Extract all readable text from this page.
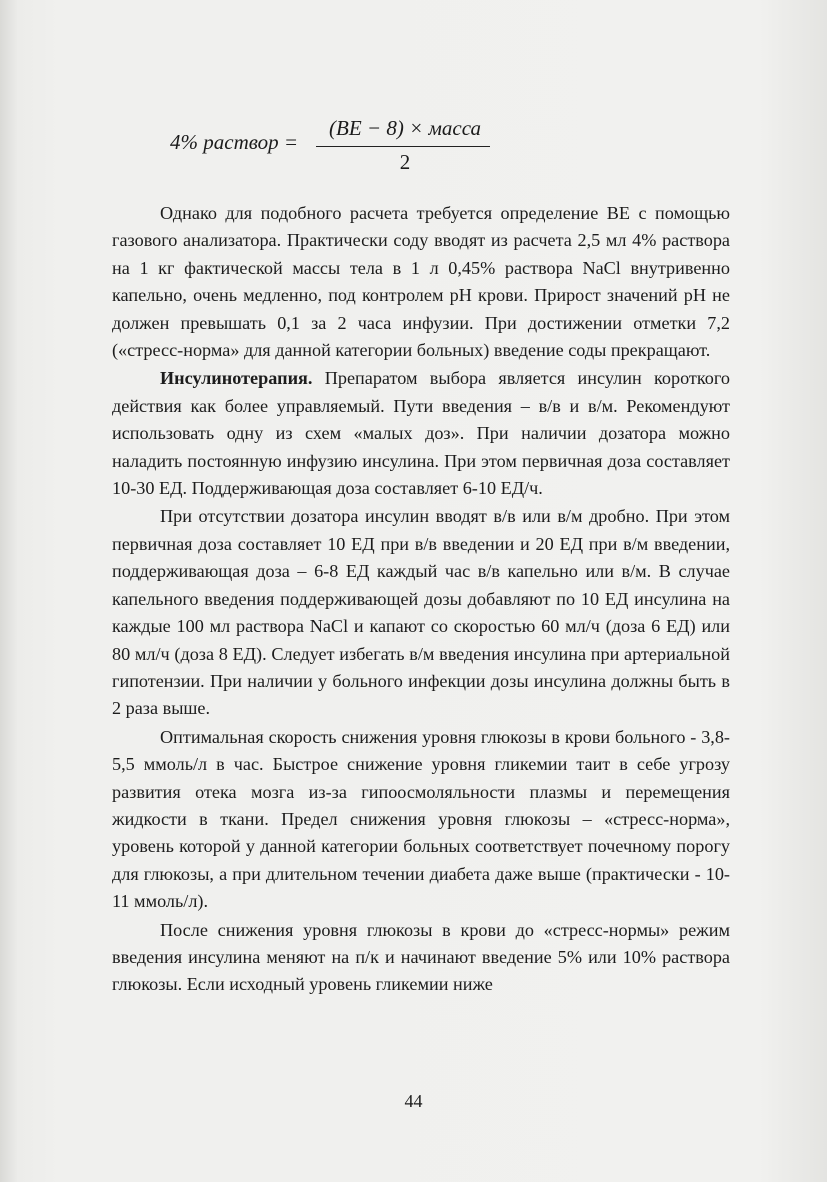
4% раствор =
(BE − 8) × масса
2

Однако для подобного расчета требуется определение BE с помощью газового анализатора. Практически соду вводят из расчета 2,5 мл 4% раствора на 1 кг фактической массы тела в 1 л 0,45% раствора NaCl внутривенно капельно, очень медленно, под контролем рН крови. Прирост значений рН не должен превышать 0,1 за 2 часа инфузии. При достижении отметки 7,2 («стресс-норма» для данной категории больных) введение соды прекращают.

Инсулинотерапия. Препаратом выбора является инсулин короткого действия как более управляемый. Пути введения – в/в и в/м. Рекомендуют использовать одну из схем «малых доз». При наличии дозатора можно наладить постоянную инфузию инсулина. При этом первичная доза составляет 10-30 ЕД. Поддерживающая доза составляет 6-10 ЕД/ч.

При отсутствии дозатора инсулин вводят в/в или в/м дробно. При этом первичная доза составляет 10 ЕД при в/в введении и 20 ЕД при в/м введении, поддерживающая доза – 6-8 ЕД каждый час в/в капельно или в/м. В случае капельного введения поддерживающей дозы добавляют по 10 ЕД инсулина на каждые 100 мл раствора NaCl и капают со скоростью 60 мл/ч (доза 6 ЕД) или 80 мл/ч (доза 8 ЕД). Следует избегать в/м введения инсулина при артериальной гипотензии. При наличии у больного инфекции дозы инсулина должны быть в 2 раза выше.

Оптимальная скорость снижения уровня глюкозы в крови больного - 3,8-5,5 ммоль/л в час. Быстрое снижение уровня гликемии таит в себе угрозу развития отека мозга из-за гипоосмоляльности плазмы и перемещения жидкости в ткани. Предел снижения уровня глюкозы – «стресс-норма», уровень которой у данной категории больных соответствует почечному порогу для глюкозы, а при длительном течении диабета даже выше (практически - 10-11 ммоль/л).

После снижения уровня глюкозы в крови до «стресс-нормы» режим введения инсулина меняют на п/к и начинают введение 5% или 10% раствора глюкозы. Если исходный уровень гликемии ниже

44
